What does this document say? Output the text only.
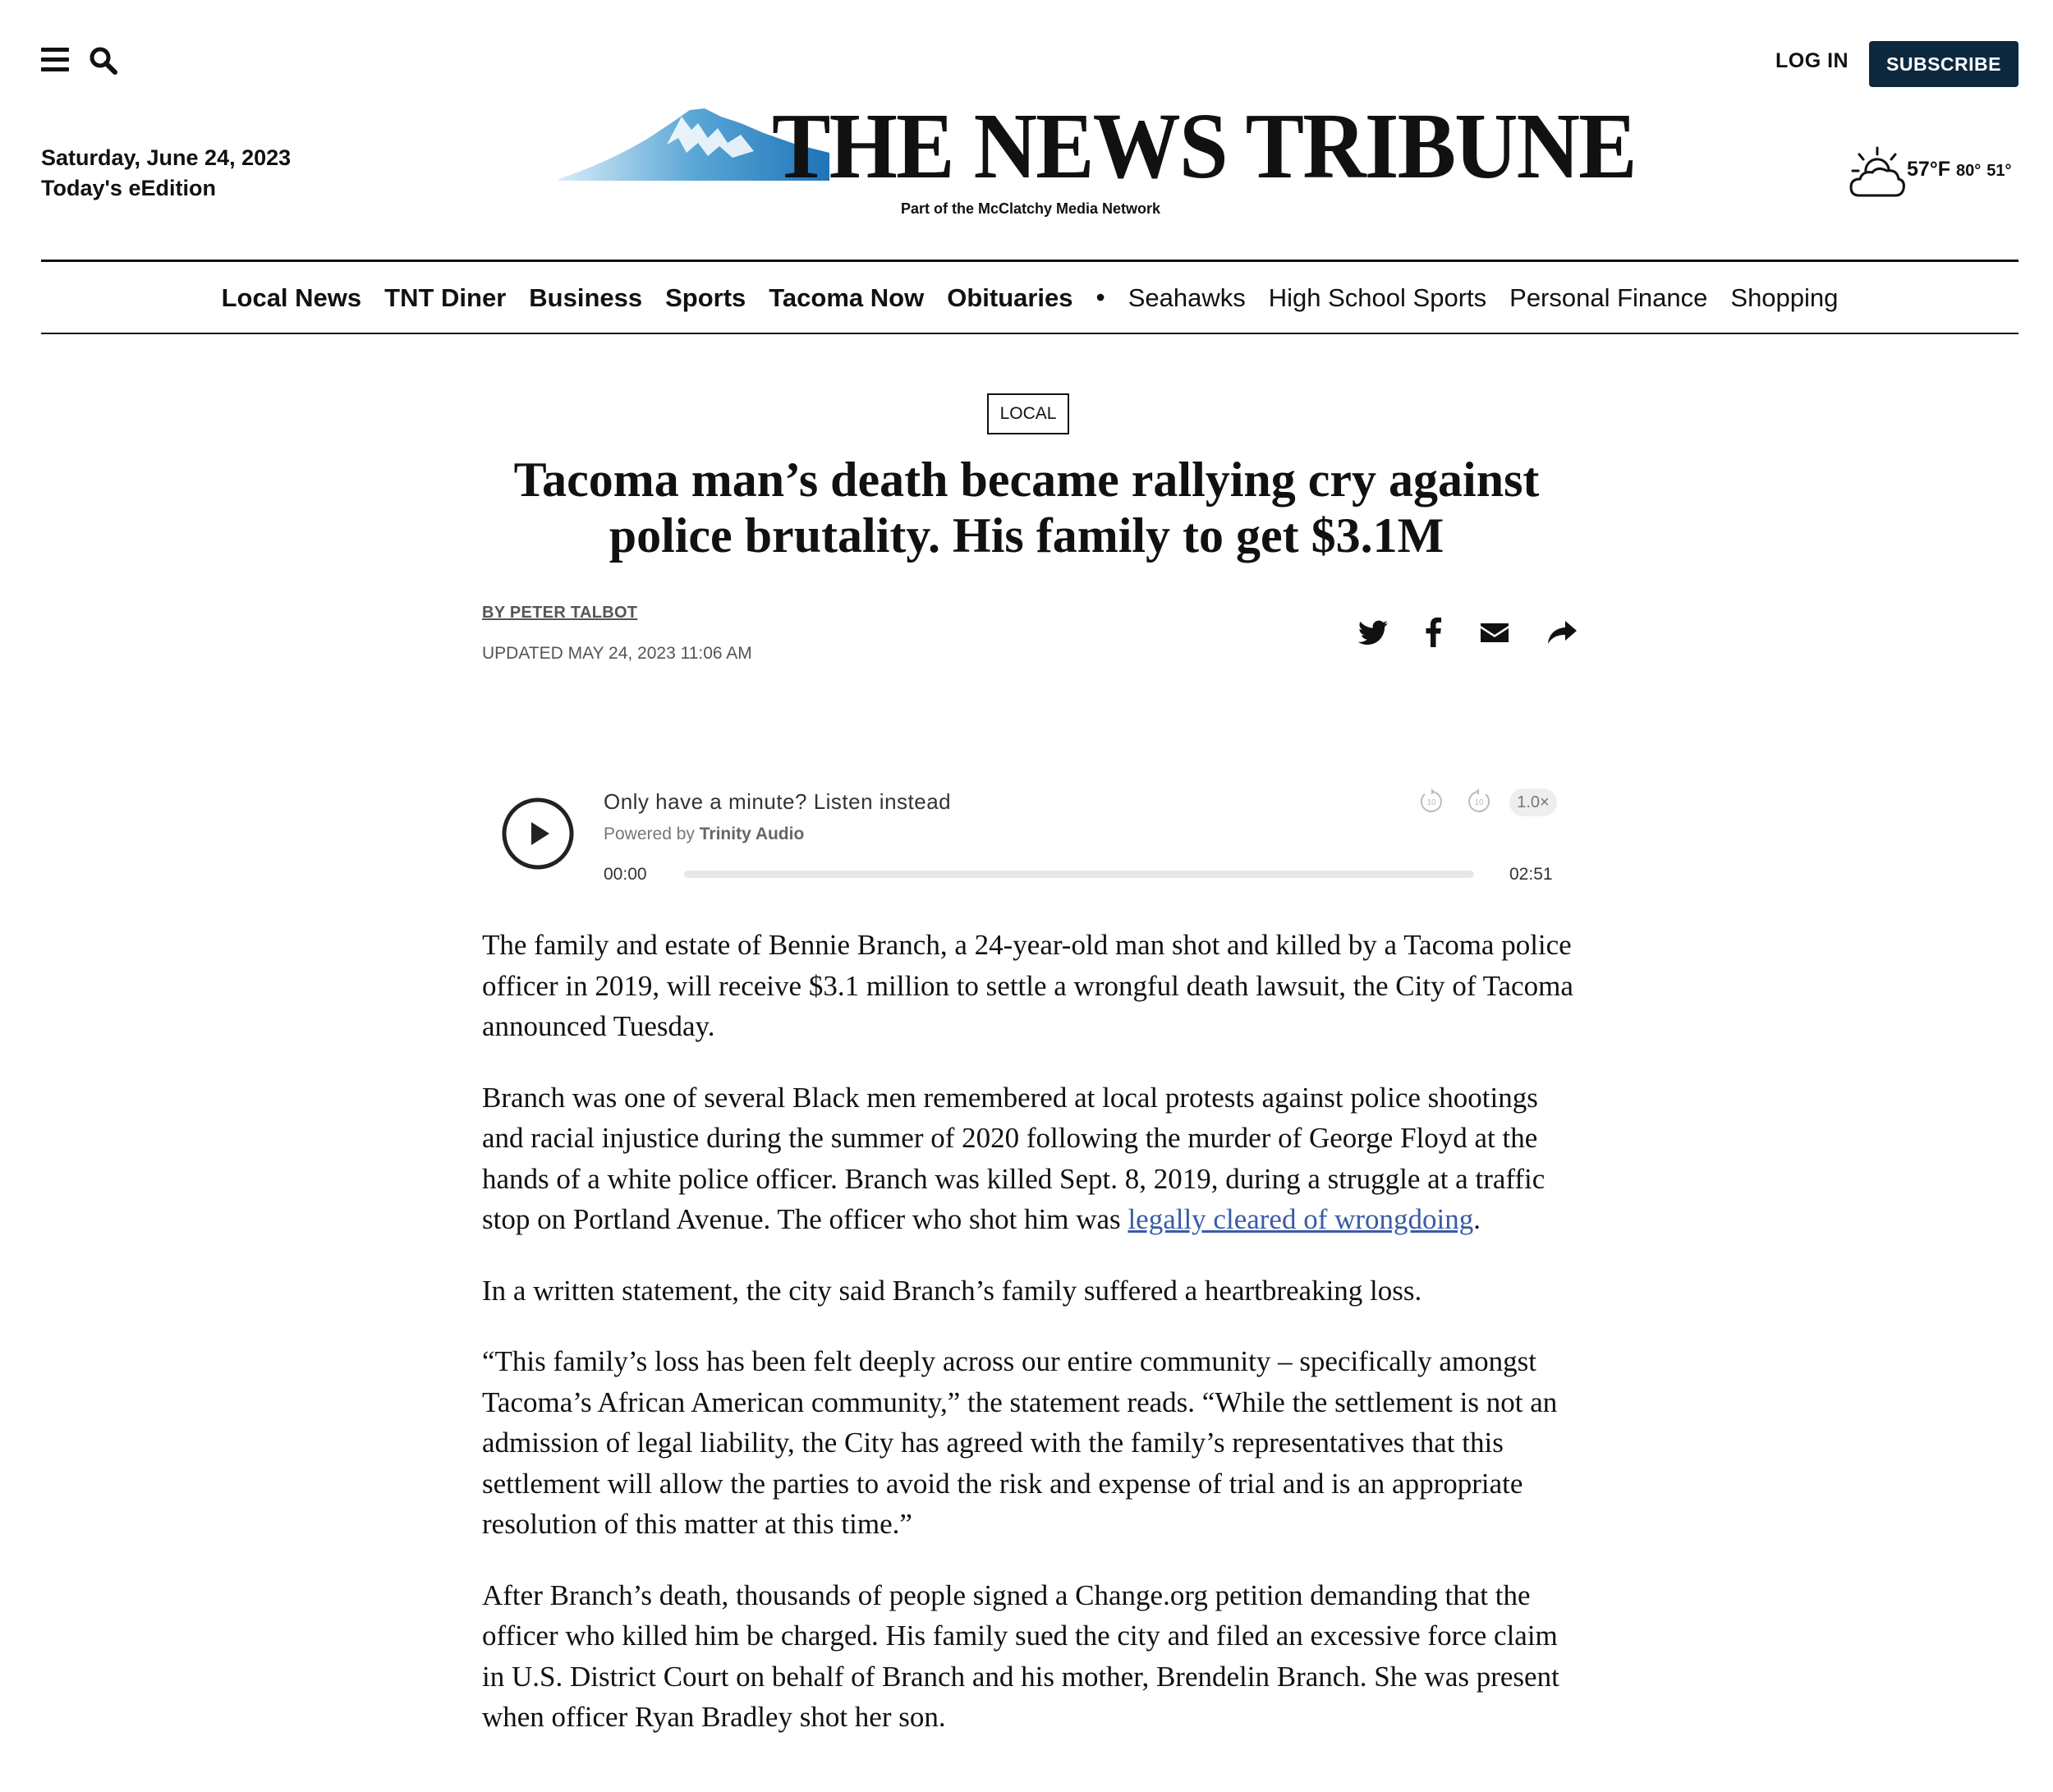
LOG IN	SUBSCRIBE
Saturday, June 24, 2023
Today's eEdition	THE NEWS TRIBUNE
Part of the McClatchy Media Network
57°F 80° 51°
Local News TNT Diner Business Sports Tacoma Now Obituaries • Seahawks High School Sports Personal Finance Shopping
LOCAL
Tacoma man’s death became rallying cry against police brutality. His family to get $3.1M
BY PETER TALBOT
UPDATED MAY 24, 2023 11:06 AM
Only have a minute? Listen instead
Powered by Trinity Audio
00:00	02:51
10	10	1.0×

The family and estate of Bennie Branch, a 24-year-old man shot and killed by a Tacoma police officer in 2019, will receive $3.1 million to settle a wrongful death lawsuit, the City of Tacoma announced Tuesday.

Branch was one of several Black men remembered at local protests against police shootings and racial injustice during the summer of 2020 following the murder of George Floyd at the hands of a white police officer. Branch was killed Sept. 8, 2019, during a struggle at a traffic stop on Portland Avenue. The officer who shot him was legally cleared of wrongdoing.

In a written statement, the city said Branch’s family suffered a heartbreaking loss.

“This family’s loss has been felt deeply across our entire community – specifically amongst Tacoma’s African American community,” the statement reads. “While the settlement is not an admission of legal liability, the City has agreed with the family’s representatives that this settlement will allow the parties to avoid the risk and expense of trial and is an appropriate resolution of this matter at this time.”

After Branch’s death, thousands of people signed a Change.org petition demanding that the officer who killed him be charged. His family sued the city and filed an excessive force claim in U.S. District Court on behalf of Branch and his mother, Brendelin Branch. She was present when officer Ryan Bradley shot her son.
